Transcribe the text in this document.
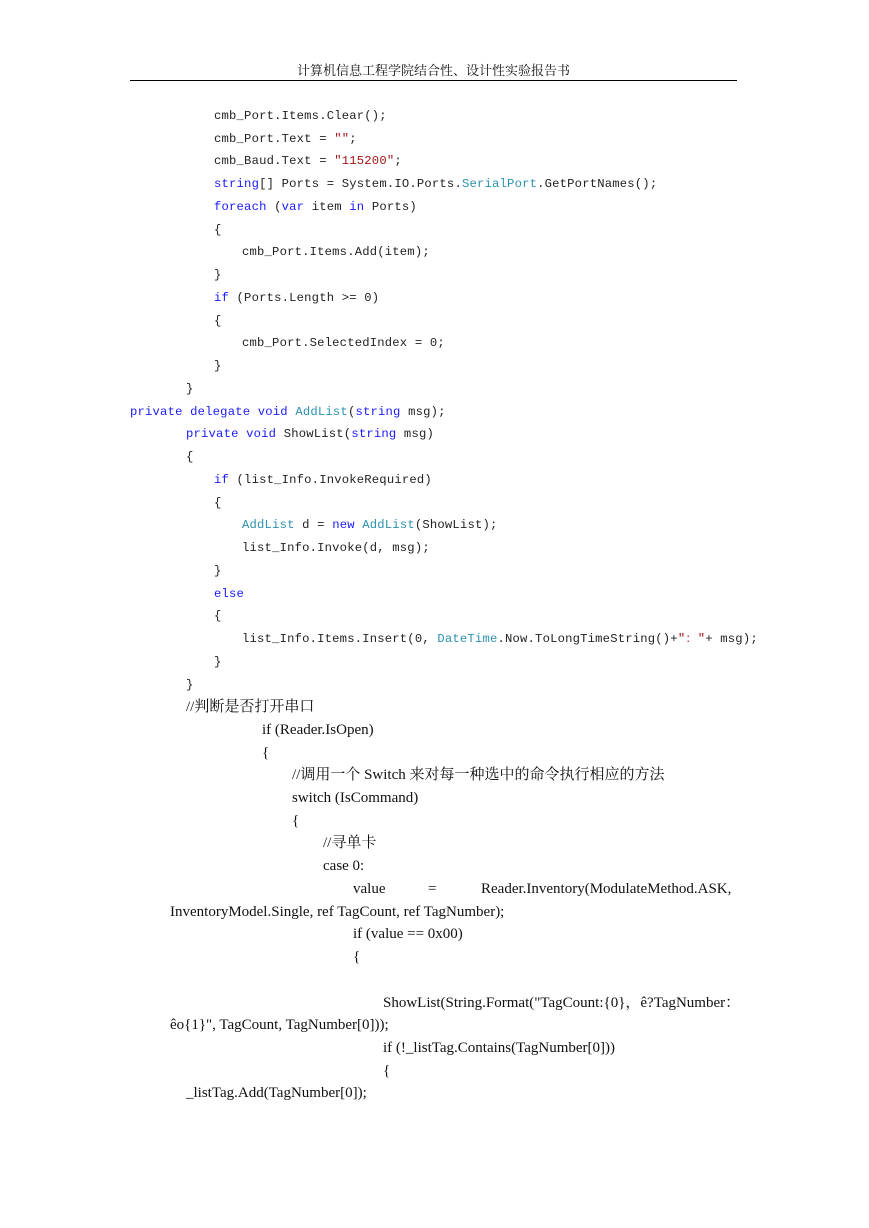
计算机信息工程学院结合性、设计性实验报告书
cmb_Port.Items.Clear();
cmb_Port.Text = "";
cmb_Baud.Text = "115200";
string[] Ports = System.IO.Ports.SerialPort.GetPortNames();
foreach (var item in Ports)
{
cmb_Port.Items.Add(item);
}
if (Ports.Length >= 0)
{
cmb_Port.SelectedIndex = 0;
}
}
private delegate void AddList(string msg);
private void ShowList(string msg)
{
if (list_Info.InvokeRequired)
{
AddList d = new AddList(ShowList);
list_Info.Invoke(d, msg);
}
else
{
list_Info.Items.Insert(0, DateTime.Now.ToLongTimeString()+"："+ msg);
}
}
//判断是否打开串口
if (Reader.IsOpen)
{
//调用一个 Switch 来对每一种选中的命令执行相应的方法
switch (IsCommand)
{
//寻单卡
case 0:
value	=	Reader.Inventory(ModulateMethod.ASK,
InventoryModel.Single, ref TagCount, ref TagNumber);
if (value == 0x00)
{
ShowList(String.Format("TagCount:{0}，ê?TagNumber：
êo{1}", TagCount, TagNumber[0]));
if (!_listTag.Contains(TagNumber[0]))
{
_listTag.Add(TagNumber[0]);
